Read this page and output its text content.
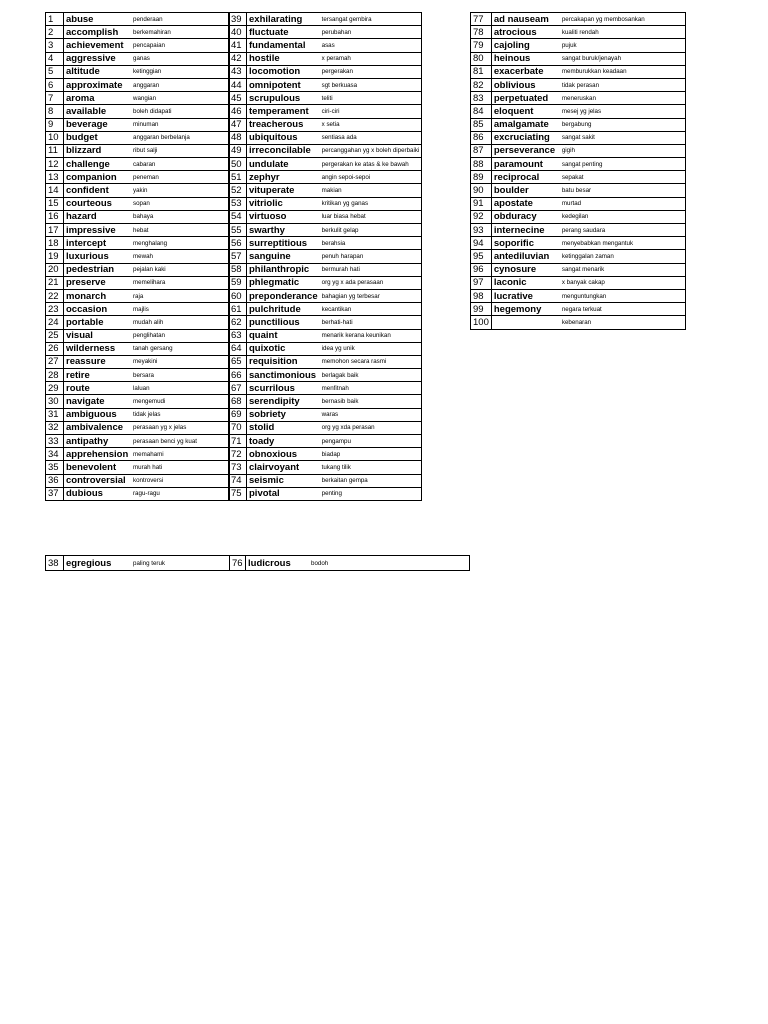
1	abuse	penderaan
2	accomplish	berkemahiran
3	achievement	pencapaian
4	aggressive	ganas
5	altitude	ketinggian
6	approximate	anggaran
7	aroma	wangian
8	available	boleh didapati
9	beverage	minuman
10	budget	anggaran berbelanja
11	blizzard	ribut salji
12	challenge	cabaran
13	companion	peneman
14	confident	yakin
15	courteous	sopan
16	hazard	bahaya
17	impressive	hebat
18	intercept	menghalang
19	luxurious	mewah
20	pedestrian	pejalan kaki
21	preserve	memelihara
22	monarch	raja
23	occasion	majlis
24	portable	mudah alih
25	visual	penglihatan
26	wilderness	tanah gersang
27	reassure	meyakini
28	retire	bersara
29	route	laluan
30	navigate	mengemudi
31	ambiguous	tidak jelas
32	ambivalence	perasaan yg x jelas
33	antipathy	perasaan benci yg kuat
34	apprehension	memahami
35	benevolent	murah hati
36	controversial	kontroversi
37	dubious	ragu-ragu
39	exhilarating	tersangat gembira
40	fluctuate	perubahan
41	fundamental	asas
42	hostile	x peramah
43	locomotion	pergerakan
44	omnipotent	sgt berkuasa
45	scrupulous	teliti
46	temperament	ciri-ciri
47	treacherous	x setia
48	ubiquitous	sentiasa ada
49	irreconcilable	percanggahan yg x boleh diperbaiki
50	undulate	pergerakan ke atas & ke bawah
51	zephyr	angin sepoi-sepoi
52	vituperate	makian
53	vitriolic	kritikan yg ganas
54	virtuoso	luar biasa hebat
55	swarthy	berkulit gelap
56	surreptitious	berahsia
57	sanguine	penuh harapan
58	philanthropic	bermurah hati
59	phlegmatic	org yg x ada perasaan
60	preponderance	bahagian yg terbesar
61	pulchritude	kecantikan
62	punctilious	berhati-hati
63	quaint	menarik kerana keunikan
64	quixotic	idea yg unik
65	requisition	memohon secara rasmi
66	sanctimonious	berlagak baik
67	scurrilous	menfitnah
68	serendipity	bernasib baik
69	sobriety	waras
70	stolid	org yg xda perasan
71	toady	pengampu
72	obnoxious	biadap
73	clairvoyant	tukang tilik
74	seismic	berkaitan gempa
75	pivotal	penting
77	ad nauseam	percakapan yg membosankan
78	atrocious	kualiti rendah
79	cajoling	pujuk
80	heinous	sangat buruk/jenayah
81	exacerbate	memburukkan keadaan
82	oblivious	tidak perasan
83	perpetuated	meneruskan
84	eloquent	mesej yg jelas
85	amalgamate	bergabung
86	excruciating	sangat sakit
87	perseverance	gigih
88	paramount	sangat penting
89	reciprocal	sepakat
90	boulder	batu besar
91	apostate	murtad
92	obduracy	kedegilan
93	internecine	perang saudara
94	soporific	menyebabkan mengantuk
95	antediluvian	ketinggalan zaman
96	cynosure	sangat menarik
97	laconic	x banyak cakap
98	lucrative	menguntungkan
99	hegemony	negara terkuat
100		kebenaran
38	egregious	paling teruk	76	ludicrous	bodoh
